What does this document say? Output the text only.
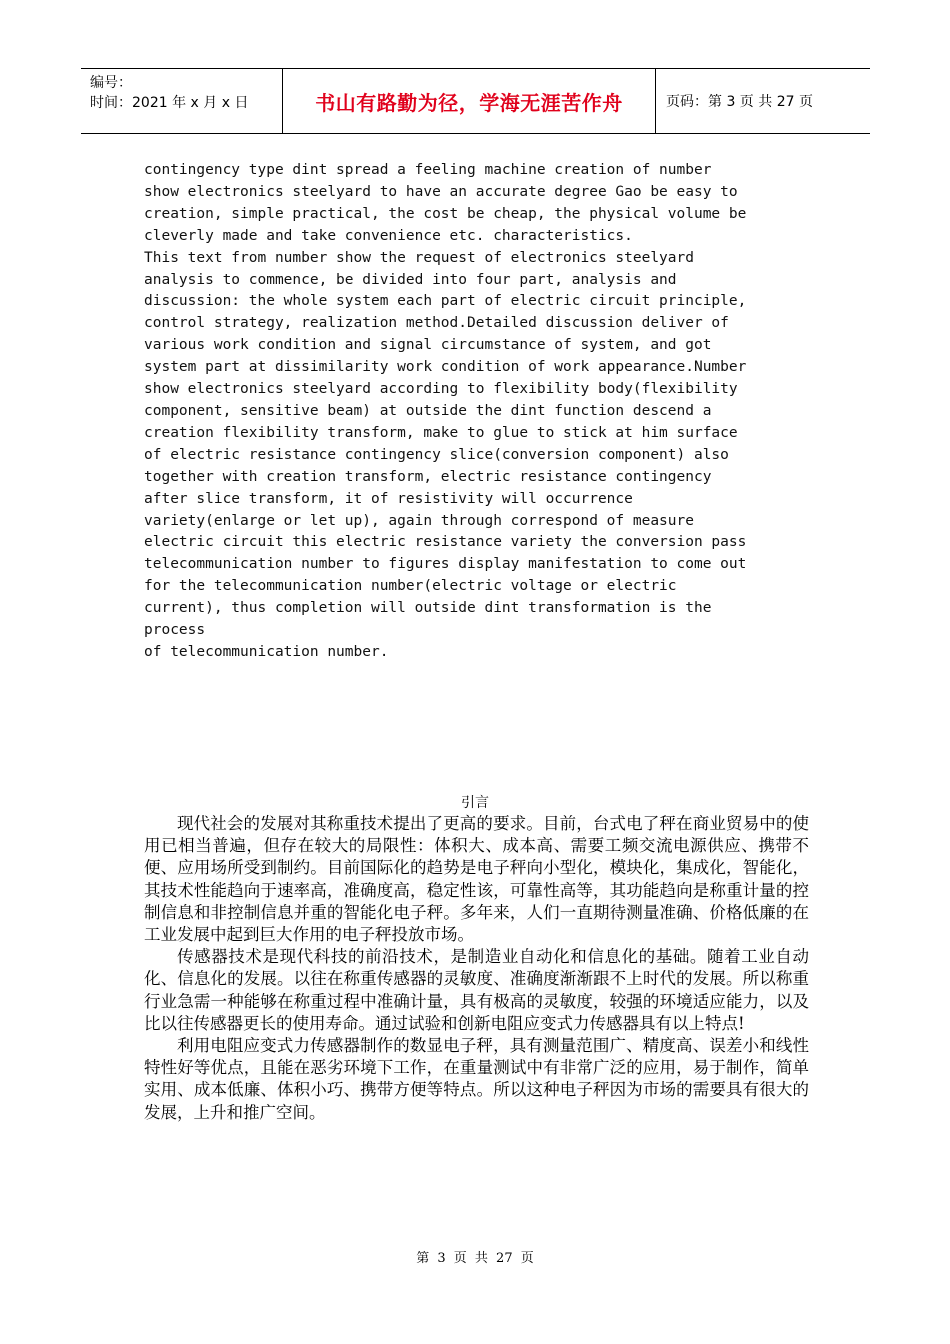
编号：
时间：2021 年 x 月 x 日	书山有路勤为径，学海无涯苦作舟	页码：第 3 页 共 27 页
contingency type dint spread a feeling machine creation of number
show electronics steelyard to have an accurate degree Gao be easy to
creation, simple practical, the cost be cheap, the physical volume be
cleverly made and take convenience etc. characteristics.
This text from number show the request of electronics steelyard
analysis to commence, be divided into four part, analysis and
discussion: the whole system each part of electric circuit principle,
control strategy, realization method.Detailed discussion deliver of
various work condition and signal circumstance of system, and got
system part at dissimilarity work condition of work appearance.Number
show electronics steelyard according to flexibility body(flexibility
component, sensitive beam) at outside the dint function descend a
creation flexibility transform, make to glue to stick at him surface
of electric resistance contingency slice(conversion component) also
together with creation transform, electric resistance contingency
after slice transform, it of resistivity will occurrence
variety(enlarge or let up), again through correspond of measure
electric circuit this electric resistance variety the conversion pass
telecommunication number to figures display manifestation to come out
for the telecommunication number(electric voltage or electric
current), thus completion will outside dint transformation is the
process
of telecommunication number.
引言

现代社会的发展对其称重技术提出了更高的要求。目前，台式电了秤在商业贸易中的使用已相当普遍，但存在较大的局限性：体积大、成本高、需要工频交流电源供应、携带不便、应用场所受到制约。目前国际化的趋势是电子秤向小型化，模块化，集成化，智能化，其技术性能趋向于速率高，准确度高，稳定性该，可靠性高等，其功能趋向是称重计量的控制信息和非控制信息并重的智能化电子秤。多年来，人们一直期待测量准确、价格低廉的在工业发展中起到巨大作用的电子秤投放市场。

传感器技术是现代科技的前沿技术，是制造业自动化和信息化的基础。随着工业自动化、信息化的发展。以往在称重传感器的灵敏度、准确度渐渐跟不上时代的发展。所以称重行业急需一种能够在称重过程中准确计量，具有极高的灵敏度，较强的环境适应能力，以及比以往传感器更长的使用寿命。通过试验和创新电阻应变式力传感器具有以上特点!

利用电阻应变式力传感器制作的数显电子秤，具有测量范围广、精度高、误差小和线性特性好等优点，且能在恶劣环境下工作，在重量测试中有非常广泛的应用，易于制作，简单实用、成本低廉、体积小巧、携带方便等特点。所以这种电子秤因为市场的需要具有很大的发展，上升和推广空间。

第 3 页 共 27 页
